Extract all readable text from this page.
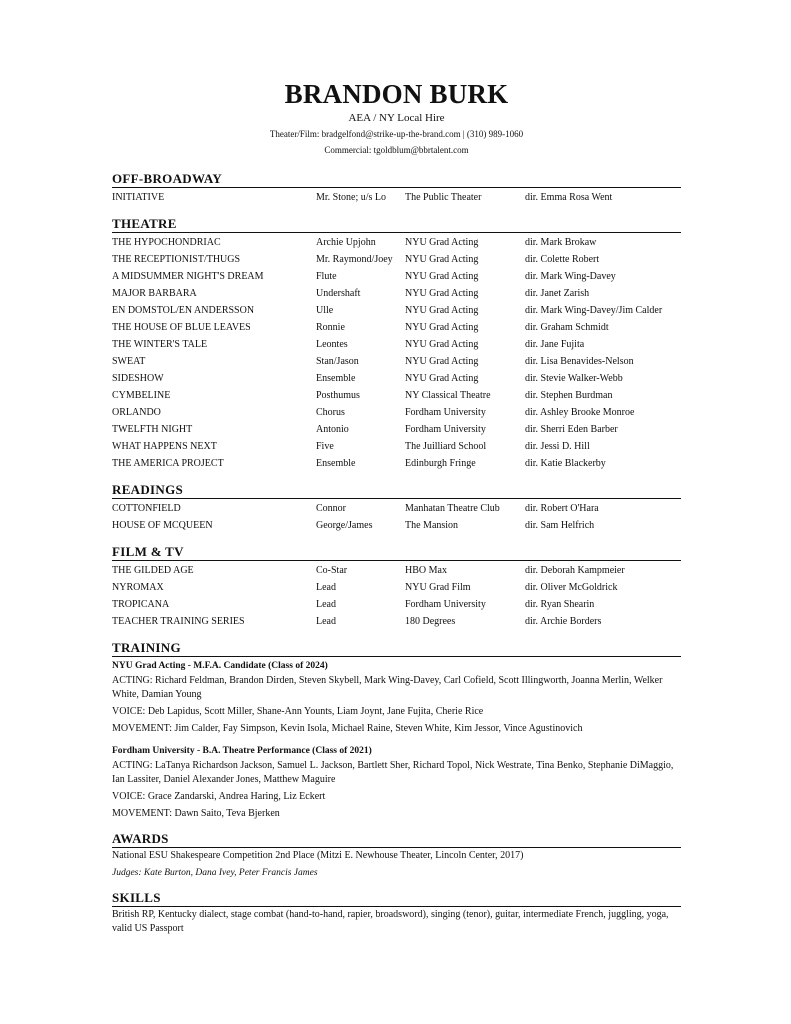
BRANDON BURK
AEA / NY Local Hire
Theater/Film: bradgelfond@strike-up-the-brand.com | (310) 989-1060
Commercial: tgoldblum@bbrtalent.com
OFF-BROADWAY
INITIATIVE	Mr. Stone; u/s Lo	The Public Theater	dir. Emma Rosa Went
THEATRE
THE HYPOCHONDRIAC	Archie Upjohn	NYU Grad Acting	dir. Mark Brokaw
THE RECEPTIONIST/THUGS	Mr. Raymond/Joey	NYU Grad Acting	dir. Colette Robert
A MIDSUMMER NIGHT'S DREAM	Flute	NYU Grad Acting	dir. Mark Wing-Davey
MAJOR BARBARA	Undershaft	NYU Grad Acting	dir. Janet Zarish
EN DOMSTOL/EN ANDERSSON	Ulle	NYU Grad Acting	dir. Mark Wing-Davey/Jim Calder
THE HOUSE OF BLUE LEAVES	Ronnie	NYU Grad Acting	dir. Graham Schmidt
THE WINTER'S TALE	Leontes	NYU Grad Acting	dir. Jane Fujita
SWEAT	Stan/Jason	NYU Grad Acting	dir. Lisa Benavides-Nelson
SIDESHOW	Ensemble	NYU Grad Acting	dir. Stevie Walker-Webb
CYMBELINE	Posthumus	NY Classical Theatre	dir. Stephen Burdman
ORLANDO	Chorus	Fordham University	dir. Ashley Brooke Monroe
TWELFTH NIGHT	Antonio	Fordham University	dir. Sherri Eden Barber
WHAT HAPPENS NEXT	Five	The Juilliard School	dir. Jessi D. Hill
THE AMERICA PROJECT	Ensemble	Edinburgh Fringe	dir. Katie Blackerby
READINGS
COTTONFIELD	Connor	Manhatan Theatre Club	dir. Robert O'Hara
HOUSE OF MCQUEEN	George/James	The Mansion	dir. Sam Helfrich
FILM & TV
THE GILDED AGE	Co-Star	HBO Max	dir. Deborah Kampmeier
NYROMAX	Lead	NYU Grad Film	dir. Oliver McGoldrick
TROPICANA	Lead	Fordham University	dir. Ryan Shearin
TEACHER TRAINING SERIES	Lead	180 Degrees	dir. Archie Borders
TRAINING
NYU Grad Acting - M.F.A. Candidate (Class of 2024)
ACTING: Richard Feldman, Brandon Dirden, Steven Skybell, Mark Wing-Davey, Carl Cofield, Scott Illingworth, Joanna Merlin, Welker White, Damian Young
VOICE: Deb Lapidus, Scott Miller, Shane-Ann Younts, Liam Joynt, Jane Fujita, Cherie Rice
MOVEMENT: Jim Calder, Fay Simpson, Kevin Isola, Michael Raine, Steven White, Kim Jessor, Vince Agustinovich
Fordham University - B.A. Theatre Performance (Class of 2021)
ACTING: LaTanya Richardson Jackson, Samuel L. Jackson, Bartlett Sher, Richard Topol, Nick Westrate, Tina Benko, Stephanie DiMaggio, Ian Lassiter, Daniel Alexander Jones, Matthew Maguire
VOICE: Grace Zandarski, Andrea Haring, Liz Eckert
MOVEMENT: Dawn Saito, Teva Bjerken
AWARDS
National ESU Shakespeare Competition 2nd Place (Mitzi E. Newhouse Theater, Lincoln Center, 2017)
Judges: Kate Burton, Dana Ivey, Peter Francis James
SKILLS
British RP, Kentucky dialect, stage combat (hand-to-hand, rapier, broadsword), singing (tenor), guitar, intermediate French, juggling, yoga, valid US Passport
